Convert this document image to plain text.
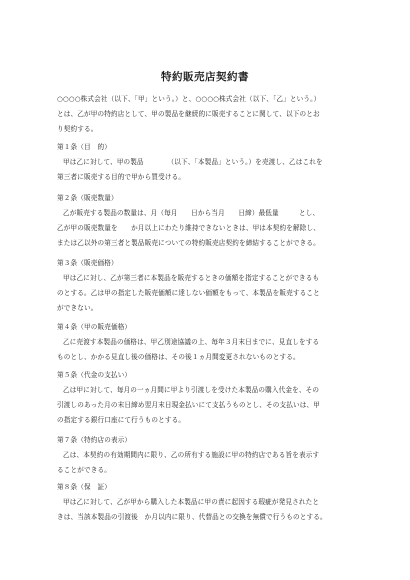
特約販売店契約書
○○○○株式会社（以下、「甲」という。）と、○○○○株式会社（以下、「乙」という。）
とは、乙が甲の特約店として、甲の製品を継続的に販売することに関して、以下のとお
り契約する。
第１条（目　的）
甲は乙に対して、甲の製品　　　　（以下、「本製品」という。）を売渡し、乙はこれを
第三者に販売する目的で甲から買受ける。
第２条（販売数量）
乙が販売する製品の数量は、月（毎月　　日から当月　　日締）最低量　　　とし、
乙が甲の販売数量を　　か月以上にわたり維持できないときは、甲は本契約を解除し、
または乙以外の第三者と製品販売についての特約販売店契約を締結することができる。
第３条（販売価格）
甲は乙に対し、乙が第三者に本製品を販売するときの価額を指定することができるも
のとする。乙は甲の指定した販売価額に達しない価額をもって、本製品を販売すること
ができない。
第４条（甲の販売価格）
乙に売渡す本製品の価格は、甲乙別途協議の上、毎年３月末日までに、見直しをする
ものとし、かかる見直し後の価格は、その後１ヵ月間変更されないものとする。
第５条（代金の支払い）
乙は甲に対して、毎月の一ヵ月間に甲より引渡しを受けた本製品の購入代金を、その
引渡しのあった月の末日締め翌月末日現金払いにて支払うものとし、その支払いは、甲
の指定する銀行口座にて行うものとする。
第７条（特約店の表示）
乙は、本契約の有効期間内に限り、乙の所有する施設に甲の特約店である旨を表示す
ることができる。
第８条（保　証）
甲は乙に対して、乙が甲から購入した本製品に甲の責に起因する瑕疵が発見されたと
きは、当該本製品の引渡後　か月以内に限り、代替品との交換を無償で行うものとする。
